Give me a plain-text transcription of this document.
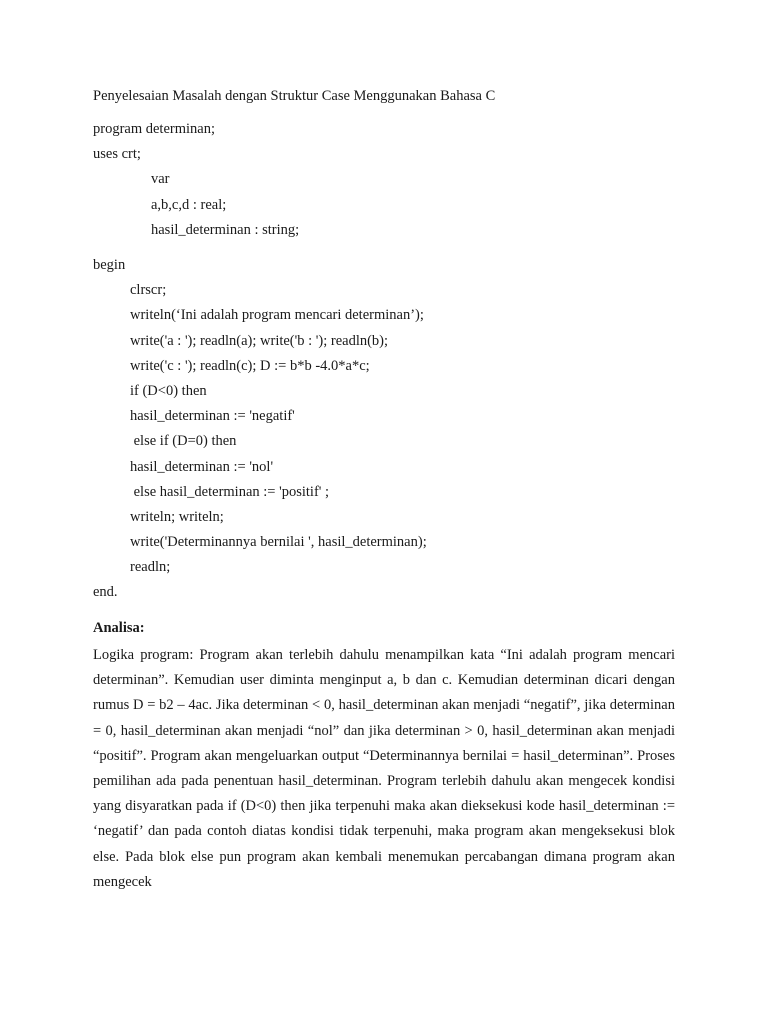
Penyelesaian Masalah dengan Struktur Case Menggunakan Bahasa C
program determinan;
uses crt;
var
a,b,c,d : real;
hasil_determinan : string;
begin
clrscr;
writeln(‘Ini adalah program mencari determinan’);
write('a : '); readln(a); write('b : '); readln(b);
write('c : '); readln(c); D := b*b -4.0*a*c;
if (D<0) then
hasil_determinan := 'negatif'
else if (D=0) then
hasil_determinan := 'nol'
else hasil_determinan := 'positif' ;
writeln; writeln;
write('Determinannya bernilai ', hasil_determinan);
readln;
end.
Analisa:

Logika program: Program akan terlebih dahulu menampilkan kata “Ini adalah program mencari determinan”. Kemudian user diminta menginput a, b dan c. Kemudian determinan dicari dengan rumus D = b2 – 4ac. Jika determinan < 0, hasil_determinan akan menjadi “negatif”, jika determinan = 0, hasil_determinan akan menjadi “nol” dan jika determinan > 0, hasil_determinan akan menjadi “positif”. Program akan mengeluarkan output “Determinannya bernilai = hasil_determinan”. Proses pemilihan ada pada penentuan hasil_determinan. Program terlebih dahulu akan mengecek kondisi yang disyaratkan pada if (D<0) then jika terpenuhi maka akan dieksekusi kode hasil_determinan := ‘negatif’ dan pada contoh diatas kondisi tidak terpenuhi, maka program akan mengeksekusi blok else. Pada blok else pun program akan kembali menemukan percabangan dimana program akan mengecek
